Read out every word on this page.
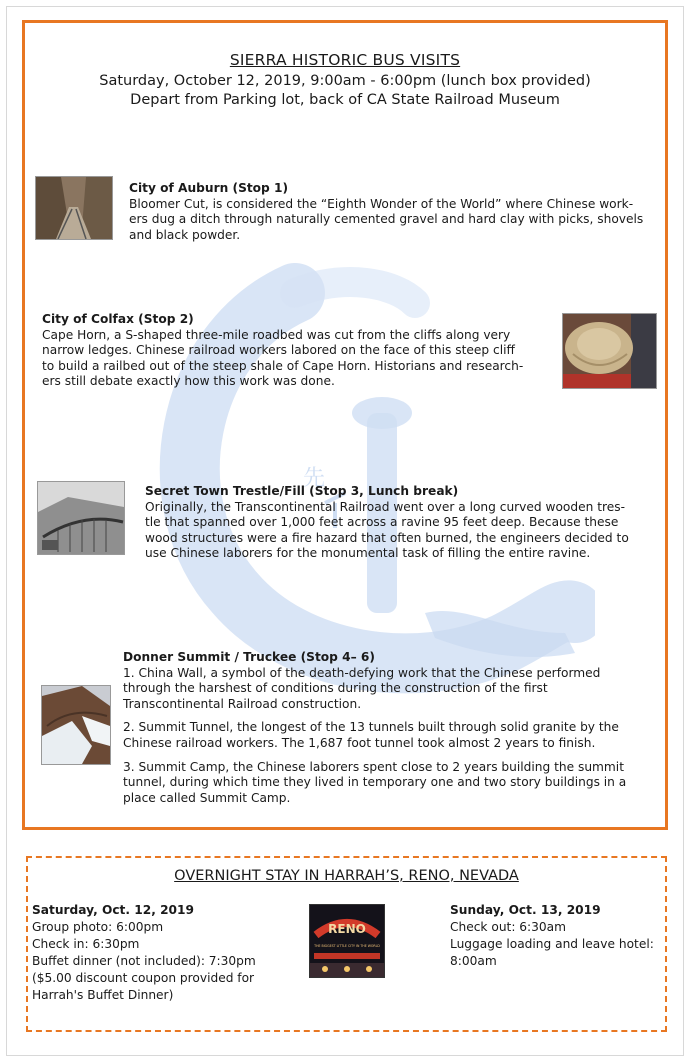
先
SIERRA HISTORIC BUS VISITS
Saturday, October 12, 2019, 9:00am - 6:00pm (lunch box provided)
Depart from Parking lot, back of CA State Railroad Museum
City of Auburn (Stop 1)

Bloomer Cut, is considered the “Eighth Wonder of the World” where Chinese work-

ers dug a ditch through naturally cemented gravel and hard clay with picks, shovels

and black powder.

City of Colfax (Stop 2)

Cape Horn, a S-shaped three-mile roadbed was cut from the cliffs along very

narrow ledges. Chinese railroad workers labored on the face of this steep cliff

to build a railbed out of the steep shale of Cape Horn. Historians and research-

ers still debate exactly how this work was done.

Secret Town Trestle/Fill (Stop 3, Lunch break)

Originally, the Transcontinental Railroad went over a long curved wooden tres-

tle that spanned over 1,000 feet across a ravine 95 feet deep. Because these

wood structures were a fire hazard that often burned, the engineers decided to

use Chinese laborers for the monumental task of filling the entire ravine.

Donner Summit / Truckee (Stop 4– 6)

1. China Wall, a symbol of the death-defying work that the Chinese performed

through the harshest of conditions during the construction of the first

Transcontinental Railroad construction.

2. Summit Tunnel, the longest of the 13 tunnels built through solid granite by the

Chinese railroad workers. The 1,687 foot tunnel took almost 2 years to finish.

3. Summit Camp, the Chinese laborers spent close to 2 years building the summit

tunnel, during which time they lived in temporary one and two story buildings in a

place called Summit Camp.

OVERNIGHT STAY IN HARRAH’S, RENO, NEVADA
Saturday, Oct. 12, 2019
Group photo: 6:00pm
Check in: 6:30pm
Buffet dinner (not included): 7:30pm
($5.00 discount coupon provided for
Harrah's Buffet Dinner)
RENO
THE BIGGEST LITTLE CITY IN THE WORLD
Sunday, Oct. 13, 2019
Check out: 6:30am
Luggage loading and leave hotel:
8:00am
